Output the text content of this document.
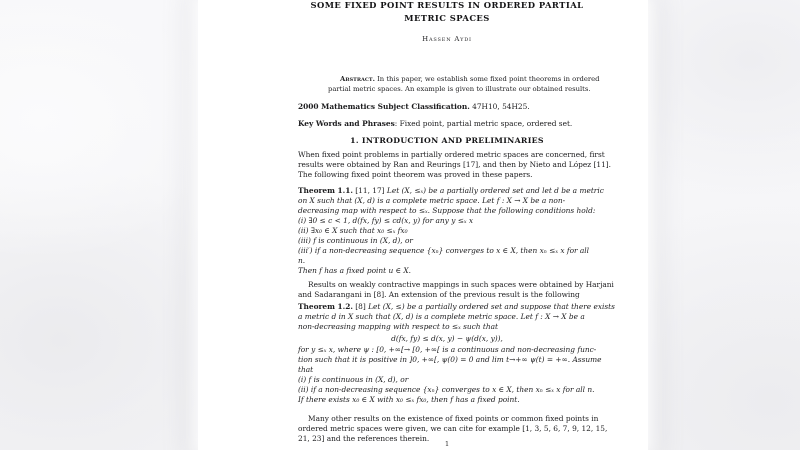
SOME FIXED POINT RESULTS IN ORDERED PARTIAL
METRIC SPACES
Hassen Aydi
Abstract. In this paper, we establish some fixed point theorems in ordered
partial metric spaces. An example is given to illustrate our obtained results.
2000 Mathematics Subject Classification. 47H10, 54H25.
Key Words and Phrases: Fixed point, partial metric space, ordered set.
1. INTRODUCTION AND PRELIMINARIES
When fixed point problems in partially ordered metric spaces are concerned, first
results were obtained by Ran and Reurings [17], and then by Nieto and López [11].
The following fixed point theorem was proved in these papers.
Theorem 1.1. [11, 17] Let (X, ≤ₓ) be a partially ordered set and let d be a metric
on X such that (X, d) is a complete metric space. Let f : X → X be a non-
decreasing map with respect to ≤ₓ. Suppose that the following conditions hold:
(i) ∃0 ≤ c < 1, d(fx, fy) ≤ cd(x, y) for any y ≤ₓ x
(ii) ∃x₀ ∈ X such that x₀ ≤ₓ fx₀
(iii) f is continuous in (X, d), or
(iii′) if a non-decreasing sequence {xₙ} converges to x ∈ X, then xₙ ≤ₓ x for all
n.
Then f has a fixed point u ∈ X.
Results on weakly contractive mappings in such spaces were obtained by Harjani
and Sadarangani in [8]. An extension of the previous result is the following
Theorem 1.2. [8] Let (X, ≤) be a partially ordered set and suppose that there exists
a metric d in X such that (X, d) is a complete metric space. Let f : X → X be a
non-decreasing mapping with respect to ≤ₓ such that
d(fx, fy) ≤ d(x, y) − ψ(d(x, y)),
for y ≤ₓ x, where ψ : [0, +∞[→ [0, +∞[ is a continuous and non-decreasing func-
tion such that it is positive in ]0, +∞[, ψ(0) = 0 and lim t→+∞ ψ(t) = +∞. Assume
that
(i) f is continuous in (X, d), or
(ii) if a non-decreasing sequence {xₙ} converges to x ∈ X, then xₙ ≤ₓ x for all n.
If there exists x₀ ∈ X with x₀ ≤ₓ fx₀, then f has a fixed point.
Many other results on the existence of fixed points or common fixed points in
ordered metric spaces were given, we can cite for example [1, 3, 5, 6, 7, 9, 12, 15,
21, 23] and the references therein.
1
